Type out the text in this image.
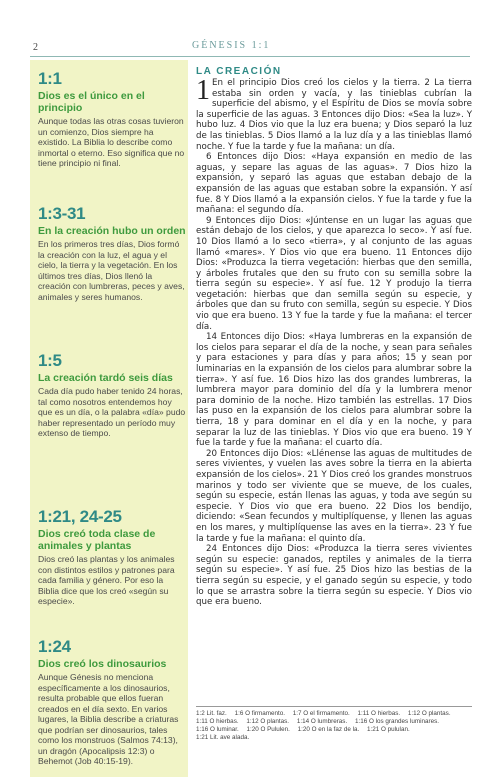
2	GÉNESIS 1:1
1:1
Dios es el único en el principio
Aunque todas las otras cosas tuvieron un comienzo, Dios siempre ha existido. La Biblia lo describe como inmortal o eterno. Eso significa que no tiene principio ni final.
1:3-31
En la creación hubo un orden
En los primeros tres días, Dios formó la creación con la luz, el agua y el cielo, la tierra y la vegetación. En los últimos tres días, Dios llenó la creación con lumbreras, peces y aves, animales y seres humanos.
1:5
La creación tardó seis días
Cada día pudo haber tenido 24 horas, tal como nosotros entendemos hoy que es un día, o la palabra «día» pudo haber representado un período muy extenso de tiempo.
1:21, 24-25
Dios creó toda clase de animales y plantas
Dios creó las plantas y los animales con distintos estilos y patrones para cada familia y género. Por eso la Biblia dice que los creó «según su especie».
1:24
Dios creó los dinosaurios
Aunque Génesis no menciona específicamente a los dinosaurios, resulta probable que ellos fueran creados en el día sexto. En varios lugares, la Biblia describe a criaturas que podrían ser dinosaurios, tales como los monstruos (Salmos 74:13), un dragón (Apocalipsis 12:3) o Behemot (Job 40:15-19).
LA CREACIÓN

1 En el principio Dios creó los cielos y la tierra. 2 La tierra estaba sin orden y vacía, y las tinieblas cubrían la superficie del abismo, y el Espíritu de Dios se movía sobre la superficie de las aguas. 3 Entonces dijo Dios: «Sea la luz». Y hubo luz. 4 Dios vio que la luz era buena; y Dios separó la luz de las tinieblas. 5 Dios llamó a la luz día y a las tinieblas llamó noche. Y fue la tarde y fue la mañana: un día.

6 Entonces dijo Dios: «Haya expansión en medio de las aguas, y separe las aguas de las aguas». 7 Dios hizo la expansión, y separó las aguas que estaban debajo de la expansión de las aguas que estaban sobre la expansión. Y así fue. 8 Y Dios llamó a la expansión cielos. Y fue la tarde y fue la mañana: el segundo día.

9 Entonces dijo Dios: «Júntense en un lugar las aguas que están debajo de los cielos, y que aparezca lo seco». Y así fue. 10 Dios llamó a lo seco «tierra», y al conjunto de las aguas llamó «mares». Y Dios vio que era bueno. 11 Entonces dijo Dios: «Produzca la tierra vegetación: hierbas que den semilla, y árboles frutales que den su fruto con su semilla sobre la tierra según su especie». Y así fue. 12 Y produjo la tierra vegetación: hierbas que dan semilla según su especie, y árboles que dan su fruto con semilla, según su especie. Y Dios vio que era bueno. 13 Y fue la tarde y fue la mañana: el tercer día.

14 Entonces dijo Dios: «Haya lumbreras en la expansión de los cielos para separar el día de la noche, y sean para señales y para estaciones y para días y para años; 15 y sean por luminarias en la expansión de los cielos para alumbrar sobre la tierra». Y así fue. 16 Dios hizo las dos grandes lumbreras, la lumbrera mayor para dominio del día y la lumbrera menor para dominio de la noche. Hizo también las estrellas. 17 Dios las puso en la expansión de los cielos para alumbrar sobre la tierra, 18 y para dominar en el día y en la noche, y para separar la luz de las tinieblas. Y Dios vio que era bueno. 19 Y fue la tarde y fue la mañana: el cuarto día.

20 Entonces dijo Dios: «Llénense las aguas de multitudes de seres vivientes, y vuelen las aves sobre la tierra en la abierta expansión de los cielos». 21 Y Dios creó los grandes monstruos marinos y todo ser viviente que se mueve, de los cuales, según su especie, están llenas las aguas, y toda ave según su especie. Y Dios vio que era bueno. 22 Dios los bendijo, diciendo: «Sean fecundos y multiplíquense, y llenen las aguas en los mares, y multiplíquense las aves en la tierra». 23 Y fue la tarde y fue la mañana: el quinto día.

24 Entonces dijo Dios: «Produzca la tierra seres vivientes según su especie: ganados, reptiles y animales de la tierra según su especie». Y así fue. 25 Dios hizo las bestias de la tierra según su especie, y el ganado según su especie, y todo lo que se arrastra sobre la tierra según su especie. Y Dios vio que era bueno.

1:2 Lit. faz. 1:6 O firmamento. 1:7 O el firmamento. 1:11 O hierbas. 1:12 O plantas. 1:11 O hierbas. 1:12 O plantas. 1:14 O lumbreras. 1:16 O los grandes luminares. 1:16 O luminar. 1:20 O Pululen. 1:20 O en la faz de la. 1:21 O pululan. 1:21 Lit. ave alada.
